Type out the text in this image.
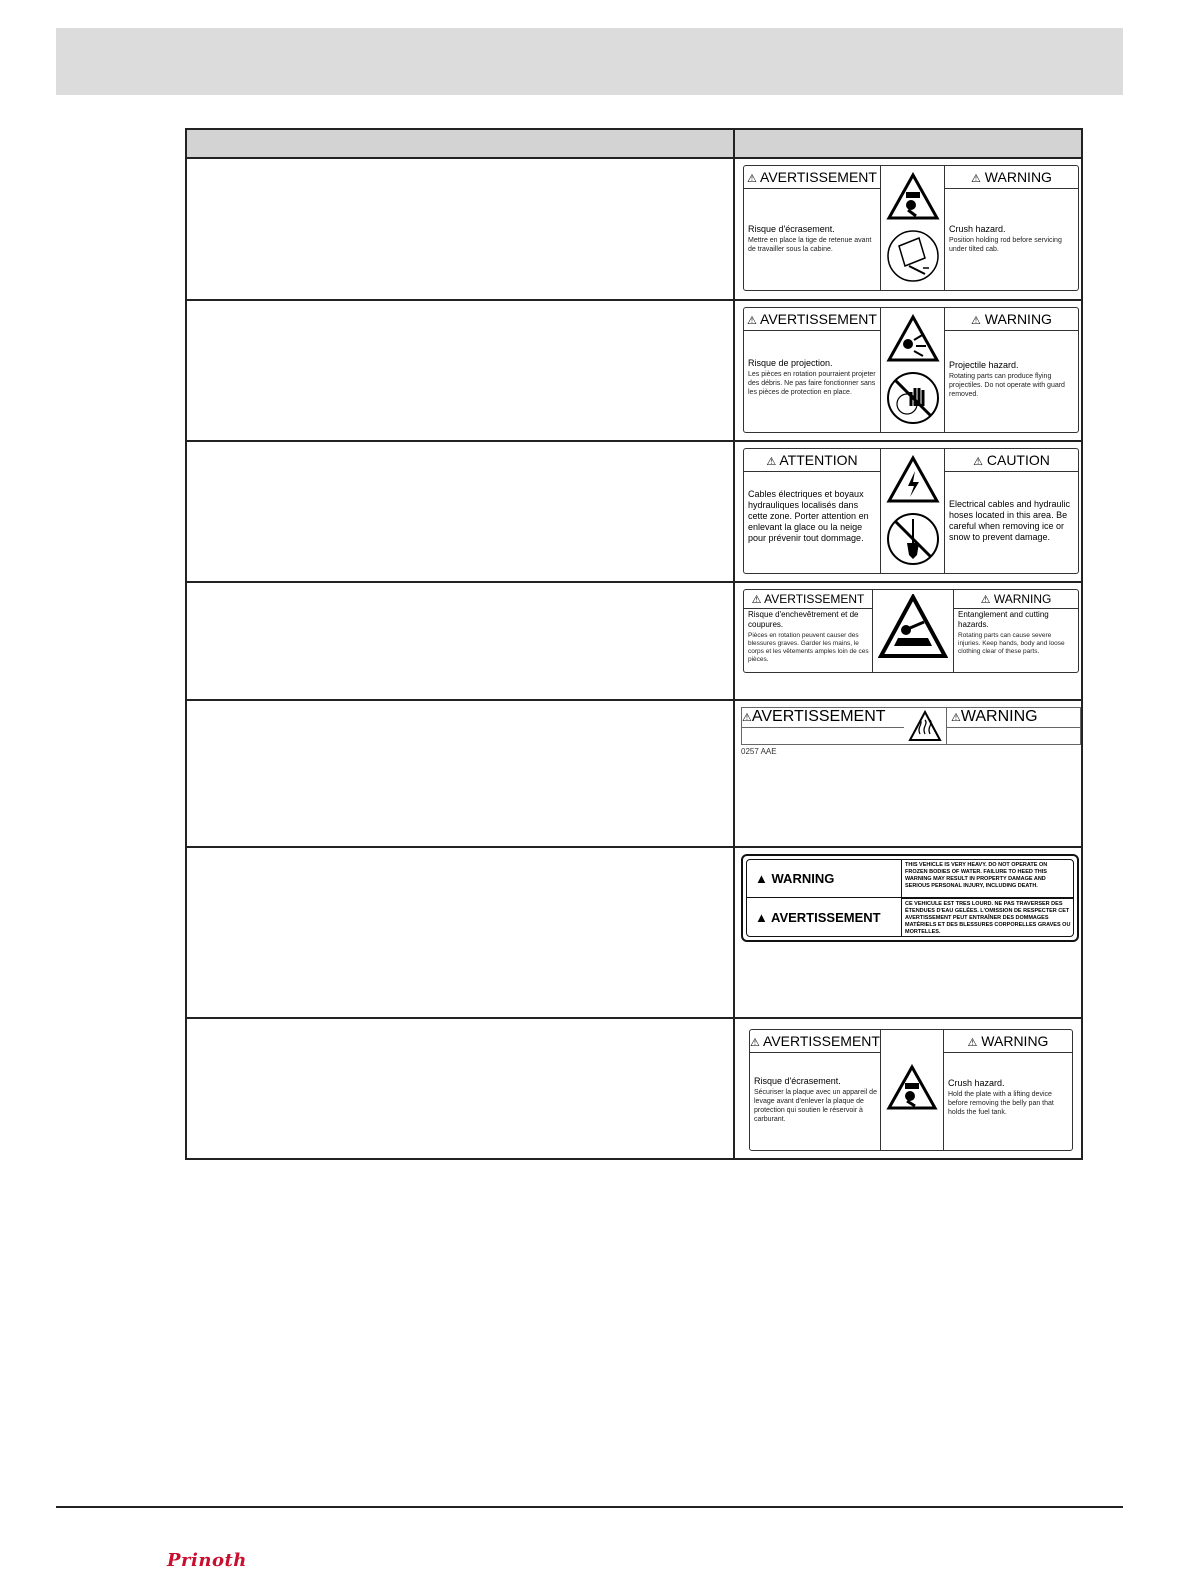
⚠ AVERTISSEMENT
Risque d'écrasement.
Mettre en place la tige de retenue avant de travailler sous la cabine.
⚠ WARNING
Crush hazard.
Position holding rod before servicing under tilted cab.
⚠ AVERTISSEMENT
Risque de projection.
Les pièces en rotation pourraient projeter des débris. Ne pas faire fonctionner sans les pièces de protection en place.
⚠ WARNING
Projectile hazard.
Rotating parts can produce flying projectiles. Do not operate with guard removed.
⚠ ATTENTION
Cables électriques et boyaux hydrauliques localisés dans cette zone. Porter attention en enlevant la glace ou la neige pour prévenir tout dommage.
⚠ CAUTION
Electrical cables and hydraulic hoses located in this area. Be careful when removing ice or snow to prevent damage.
⚠ AVERTISSEMENT
Risque d'enchevêtrement et de coupures.
Pièces en rotation peuvent causer des blessures graves. Garder les mains, le corps et les vêtements amples loin de ces pièces.
⚠ WARNING
Entanglement and cutting hazards.
Rotating parts can cause severe injuries. Keep hands, body and loose clothing clear of these parts.
⚠AVERTISSEMENT	⚠WARNING
0257 AAE
▲ WARNING
▲ AVERTISSEMENT
THIS VEHICLE IS VERY HEAVY. DO NOT OPERATE ON FROZEN BODIES OF WATER. FAILURE TO HEED THIS WARNING MAY RESULT IN PROPERTY DAMAGE AND SERIOUS PERSONAL INJURY, INCLUDING DEATH.
CE VÉHICULE EST TRÈS LOURD. NE PAS TRAVERSER DES ÉTENDUES D'EAU GELÉES. L'OMISSION DE RESPECTER CET AVERTISSEMENT PEUT ENTRAÎNER DES DOMMAGES MATÉRIELS ET DES BLESSURES CORPORELLES GRAVES OU MORTELLES.
⚠ AVERTISSEMENT
Risque d'écrasement.
Sécuriser la plaque avec un appareil de levage avant d'enlever la plaque de protection qui soutien le réservoir à carburant.
⚠ WARNING
Crush hazard.
Hold the plate with a lifting device before removing the belly pan that holds the fuel tank.
Prinoth
